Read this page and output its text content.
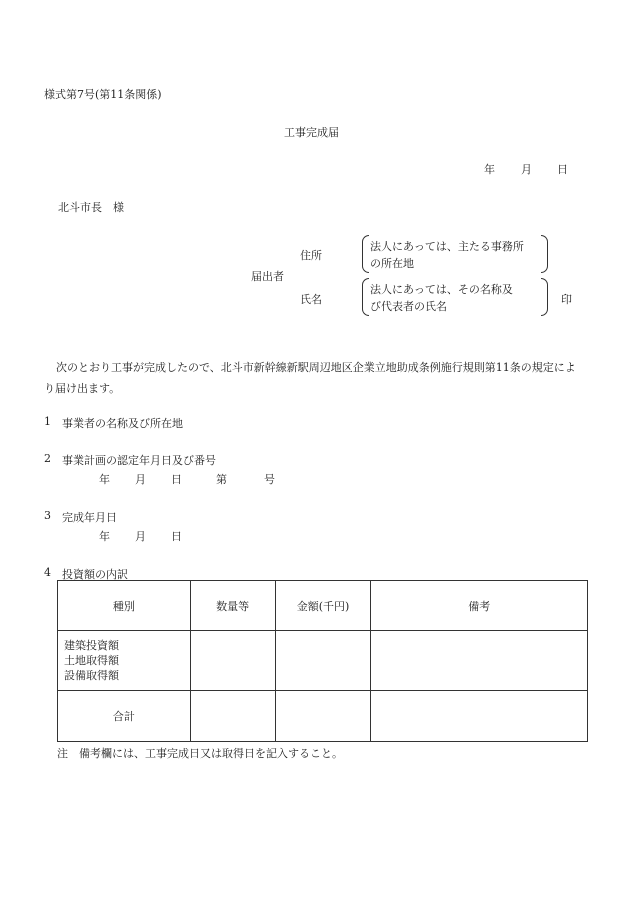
様式第7号(第11条関係)
工事完成届
年 月 日
北斗市長　様
届出者
住所
法人にあっては、主たる事務所
の所在地
氏名
法人にあっては、その名称及
び代表者の氏名
印
次のとおり工事が完成したので、北斗市新幹線新駅周辺地区企業立地助成条例施行規則第11条の規定により届け出ます。
1 事業者の名称及び所在地
2 事業計画の認定年月日及び番号
年 月 日	第	号
3 完成年月日
年 月 日
4 投資額の内訳
種別	数量等	金額(千円)	備考

建築投資額
土地取得額
設備取得額			

合計			
注　備考欄には、工事完成日又は取得日を記入すること。
